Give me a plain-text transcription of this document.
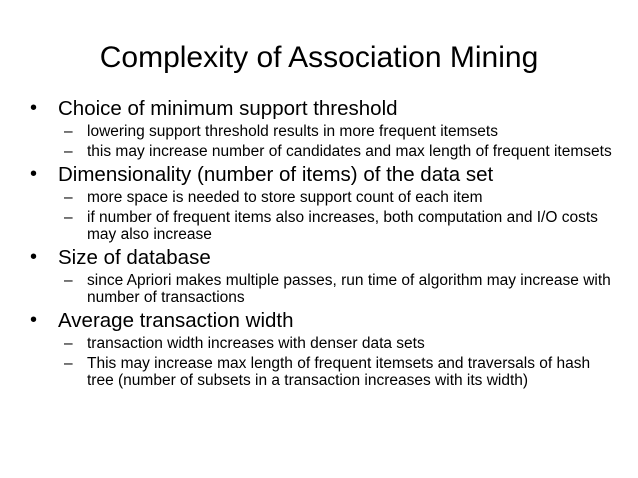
Complexity of Association Mining
• Choice of minimum support threshold
– lowering support threshold results in more frequent itemsets
– this may increase number of candidates and max length of frequent itemsets
• Dimensionality (number of items) of the data set
– more space is needed to store support count of each item
– if number of frequent items also increases, both computation and I/O costs may also increase
• Size of database
– since Apriori makes multiple passes, run time of algorithm may increase with number of transactions
• Average transaction width
– transaction width increases with denser data sets
– This may increase max length of frequent itemsets and traversals of hash tree (number of subsets in a transaction increases with its width)
